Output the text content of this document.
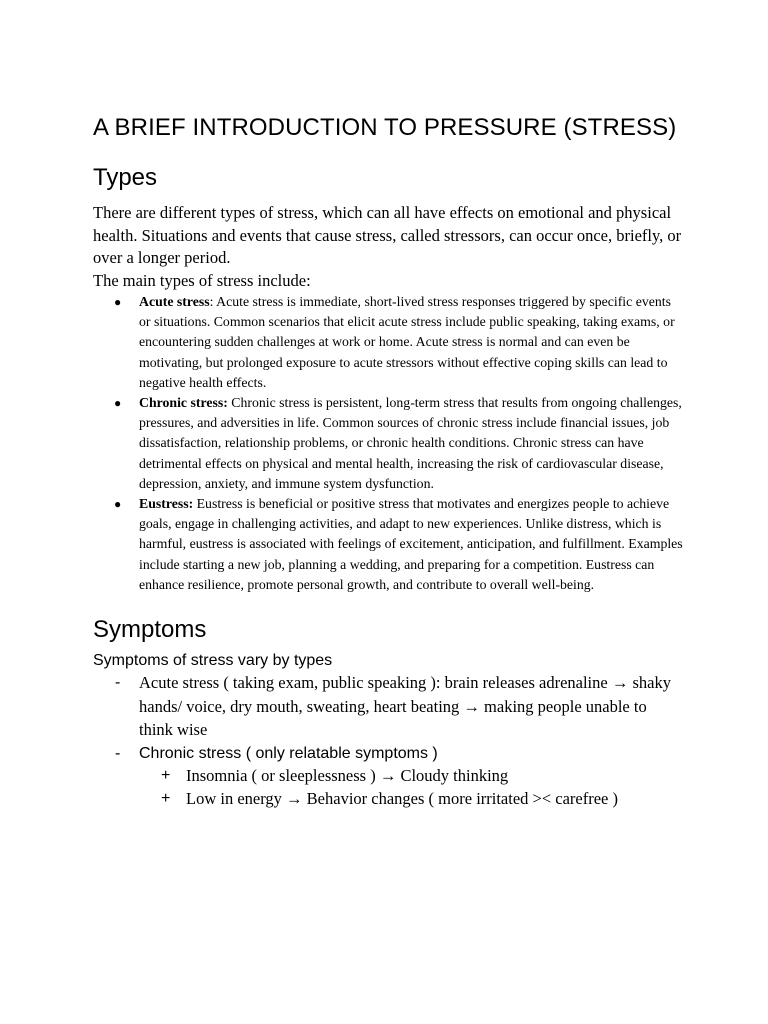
A BRIEF INTRODUCTION TO PRESSURE (STRESS)
Types

There are different types of stress, which can all have effects on emotional and physical health. Situations and events that cause stress, called stressors, can occur once, briefly, or over a longer period.

The main types of stress include:

● Acute stress: Acute stress is immediate, short-lived stress responses triggered by specific events or situations. Common scenarios that elicit acute stress include public speaking, taking exams, or encountering sudden challenges at work or home. Acute stress is normal and can even be motivating, but prolonged exposure to acute stressors without effective coping skills can lead to negative health effects.
● Chronic stress: Chronic stress is persistent, long-term stress that results from ongoing challenges, pressures, and adversities in life. Common sources of chronic stress include financial issues, job dissatisfaction, relationship problems, or chronic health conditions. Chronic stress can have detrimental effects on physical and mental health, increasing the risk of cardiovascular disease, depression, anxiety, and immune system dysfunction.
● Eustress: Eustress is beneficial or positive stress that motivates and energizes people to achieve goals, engage in challenging activities, and adapt to new experiences. Unlike distress, which is harmful, eustress is associated with feelings of excitement, anticipation, and fulfillment. Examples include starting a new job, planning a wedding, and preparing for a competition. Eustress can enhance resilience, promote personal growth, and contribute to overall well-being.
Symptoms

Symptoms of stress vary by types

- Acute stress ( taking exam, public speaking ): brain releases adrenaline → shaky hands/ voice, dry mouth, sweating, heart beating → making people unable to think wise
- Chronic stress ( only relatable symptoms )
+ Insomnia ( or sleeplessness ) → Cloudy thinking
+ Low in energy → Behavior changes ( more irritated >< carefree )
